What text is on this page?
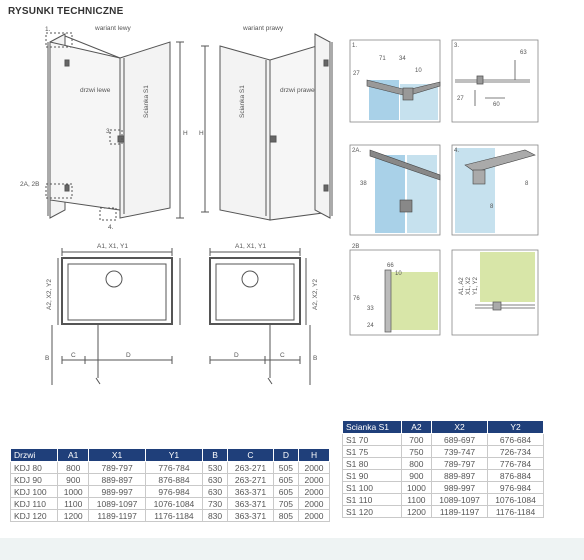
RYSUNKI TECHNICZNE
wariant lewy	wariant prawy
drzwi lewe	drzwi prawe
Scianka S1	Scianka S1
H H
1.
3.
2A, 2B
4.
A1, X1, Y1	A1, X1, Y1
A2, X2, Y2	A2, X2, Y2
B	B
C	D	D	C
1.
71 34
27	10
3.
63
27
60
2A.
38
4.
8
8
2B
66
10
76
33
24
A1, A2 X1, X2 Y1, Y2
Scianka S1	A2	X2	Y2
S1 70	700	689-697	676-684
S1 75	750	739-747	726-734
S1 80	800	789-797	776-784
S1 90	900	889-897	876-884
S1 100	1000	989-997	976-984
S1 110	1100	1089-1097	1076-1084
S1 120	1200	1189-1197	1176-1184
Drzwi	A1	X1	Y1	B	C	D	H
KDJ 80	800	789-797	776-784	530	263-271	505	2000
KDJ 90	900	889-897	876-884	630	263-271	605	2000
KDJ 100	1000	989-997	976-984	630	363-371	605	2000
KDJ 110	1100	1089-1097	1076-1084	730	363-371	705	2000
KDJ 120	1200	1189-1197	1176-1184	830	363-371	805	2000
